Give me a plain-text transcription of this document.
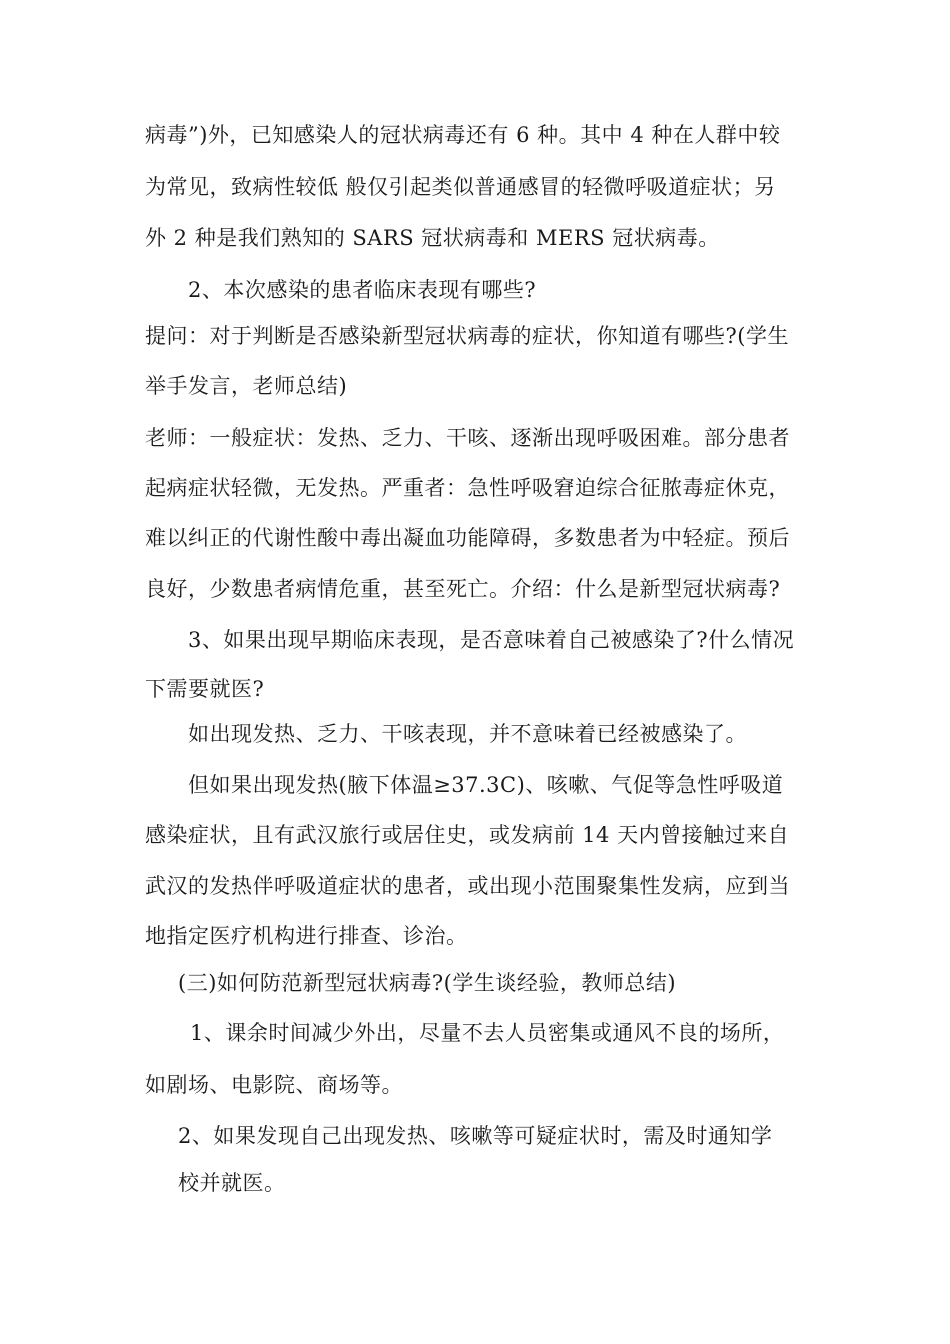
病毒”)外，已知感染人的冠状病毒还有 6 种。其中 4 种在人群中较
为常见，致病性较低 般仅引起类似普通感冒的轻微呼吸道症状；另
外 2 种是我们熟知的 SARS 冠状病毒和 MERS 冠状病毒。
2、本次感染的患者临床表现有哪些?
提问：对于判断是否感染新型冠状病毒的症状，你知道有哪些?(学生
举手发言，老师总结)
老师：一般症状：发热、乏力、干咳、逐渐出现呼吸困难。部分患者
起病症状轻微，无发热。严重者：急性呼吸窘迫综合征脓毒症休克，
难以纠正的代谢性酸中毒出凝血功能障碍，多数患者为中轻症。预后
良好，少数患者病情危重，甚至死亡。介绍：什么是新型冠状病毒?
3、如果出现早期临床表现，是否意味着自己被感染了?什么情况
下需要就医?
如出现发热、乏力、干咳表现，并不意味着已经被感染了。
但如果出现发热(腋下体温≥37.3C)、咳嗽、气促等急性呼吸道
感染症状，且有武汉旅行或居住史，或发病前 14 天内曾接触过来自
武汉的发热伴呼吸道症状的患者，或出现小范围聚集性发病，应到当
地指定医疗机构进行排查、诊治。
(三)如何防范新型冠状病毒?(学生谈经验，教师总结)
1、课余时间减少外出，尽量不去人员密集或通风不良的场所，
如剧场、电影院、商场等。
2、如果发现自己出现发热、咳嗽等可疑症状时，需及时通知学
校并就医。
